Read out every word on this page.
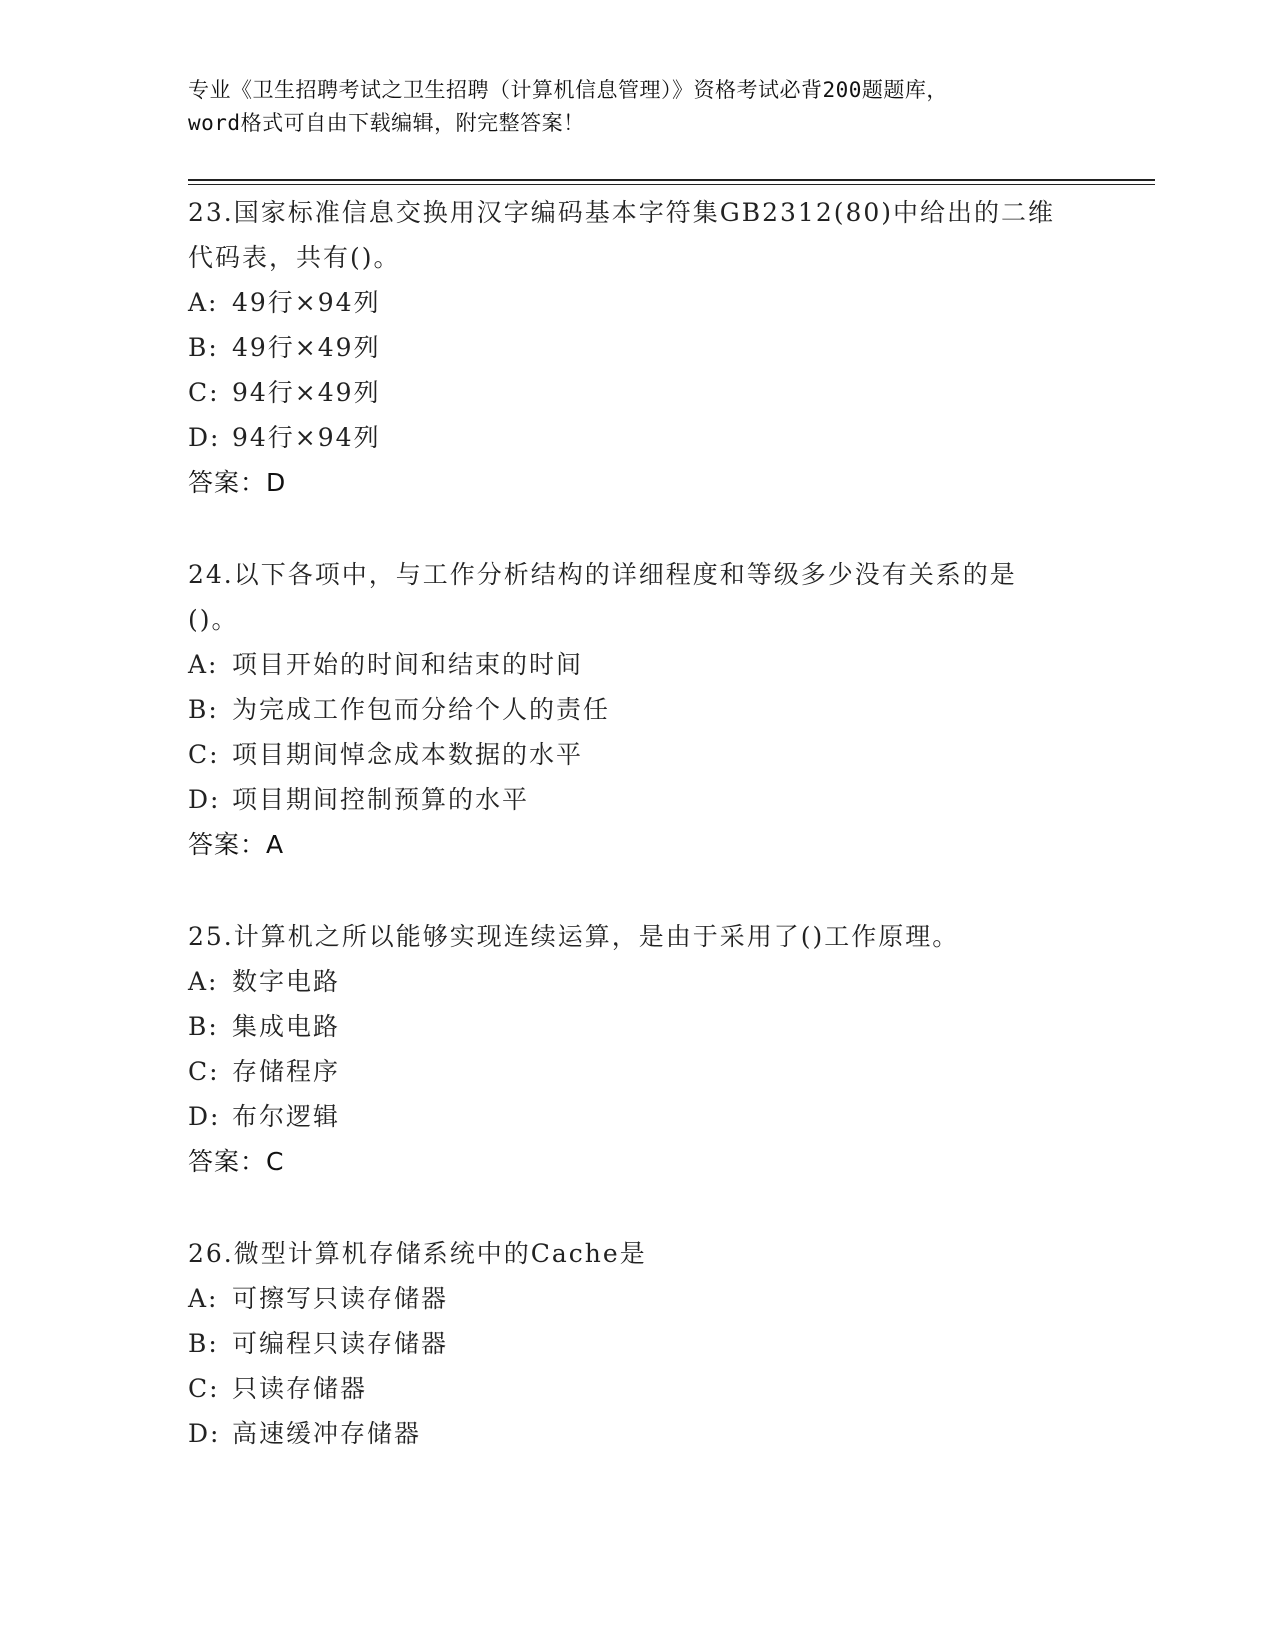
专业《卫生招聘考试之卫生招聘（计算机信息管理）》资格考试必背200题题库，
word格式可自由下载编辑，附完整答案！
23.国家标准信息交换用汉字编码基本字符集GB2312(80)中给出的二维
代码表，共有()。
A: 49行×94列
B: 49行×49列
C: 94行×49列
D: 94行×94列
答案：D
24.以下各项中，与工作分析结构的详细程度和等级多少没有关系的是
()。
A: 项目开始的时间和结束的时间
B: 为完成工作包而分给个人的责任
C: 项目期间悼念成本数据的水平
D: 项目期间控制预算的水平
答案：A
25.计算机之所以能够实现连续运算，是由于采用了()工作原理。
A: 数字电路
B: 集成电路
C: 存储程序
D: 布尔逻辑
答案：C
26.微型计算机存储系统中的Cache是
A: 可擦写只读存储器
B: 可编程只读存储器
C: 只读存储器
D: 高速缓冲存储器
